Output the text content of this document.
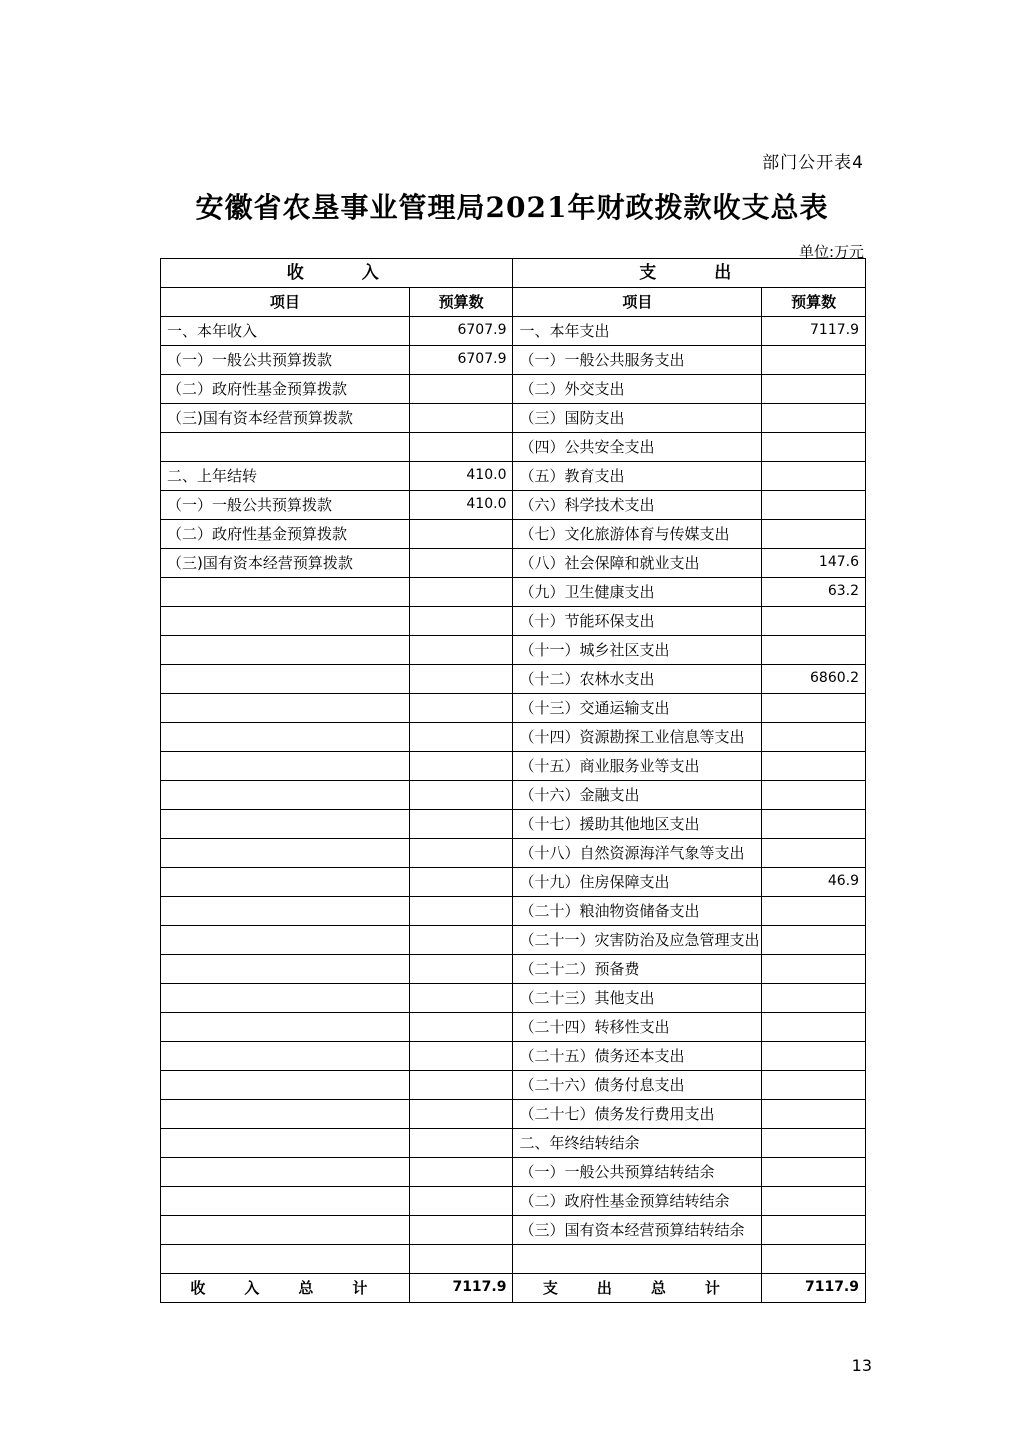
部门公开表4
安徽省农垦事业管理局2021年财政拨款收支总表
单位:万元
收　　入		支　　出	
项目	预算数	项目	预算数
一、本年收入	6707.9	一、本年支出	7117.9
（一）一般公共预算拨款	6707.9	（一）一般公共服务支出	
（二）政府性基金预算拨款		（二）外交支出	
（三)国有资本经营预算拨款		（三）国防支出	
		（四）公共安全支出	
二、上年结转	410.0	（五）教育支出	
（一）一般公共预算拨款	410.0	（六）科学技术支出	
（二）政府性基金预算拨款		（七）文化旅游体育与传媒支出	
（三)国有资本经营预算拨款		（八）社会保障和就业支出	147.6
		（九）卫生健康支出	63.2
		（十）节能环保支出	
		（十一）城乡社区支出	
		（十二）农林水支出	6860.2
		（十三）交通运输支出	
		（十四）资源勘探工业信息等支出	
		（十五）商业服务业等支出	
		（十六）金融支出	
		（十七）援助其他地区支出	
		（十八）自然资源海洋气象等支出	
		（十九）住房保障支出	46.9
		（二十）粮油物资储备支出	
		（二十一）灾害防治及应急管理支出	
		（二十二）预备费	
		（二十三）其他支出	
		（二十四）转移性支出	
		（二十五）债务还本支出	
		（二十六）债务付息支出	
		（二十七）债务发行费用支出	
		二、年终结转结余	
		（一）一般公共预算结转结余	
		（二）政府性基金预算结转结余	
		（三）国有资本经营预算结转结余	

收　入　总　计	7117.9	支　出　总　计	7117.9
13
